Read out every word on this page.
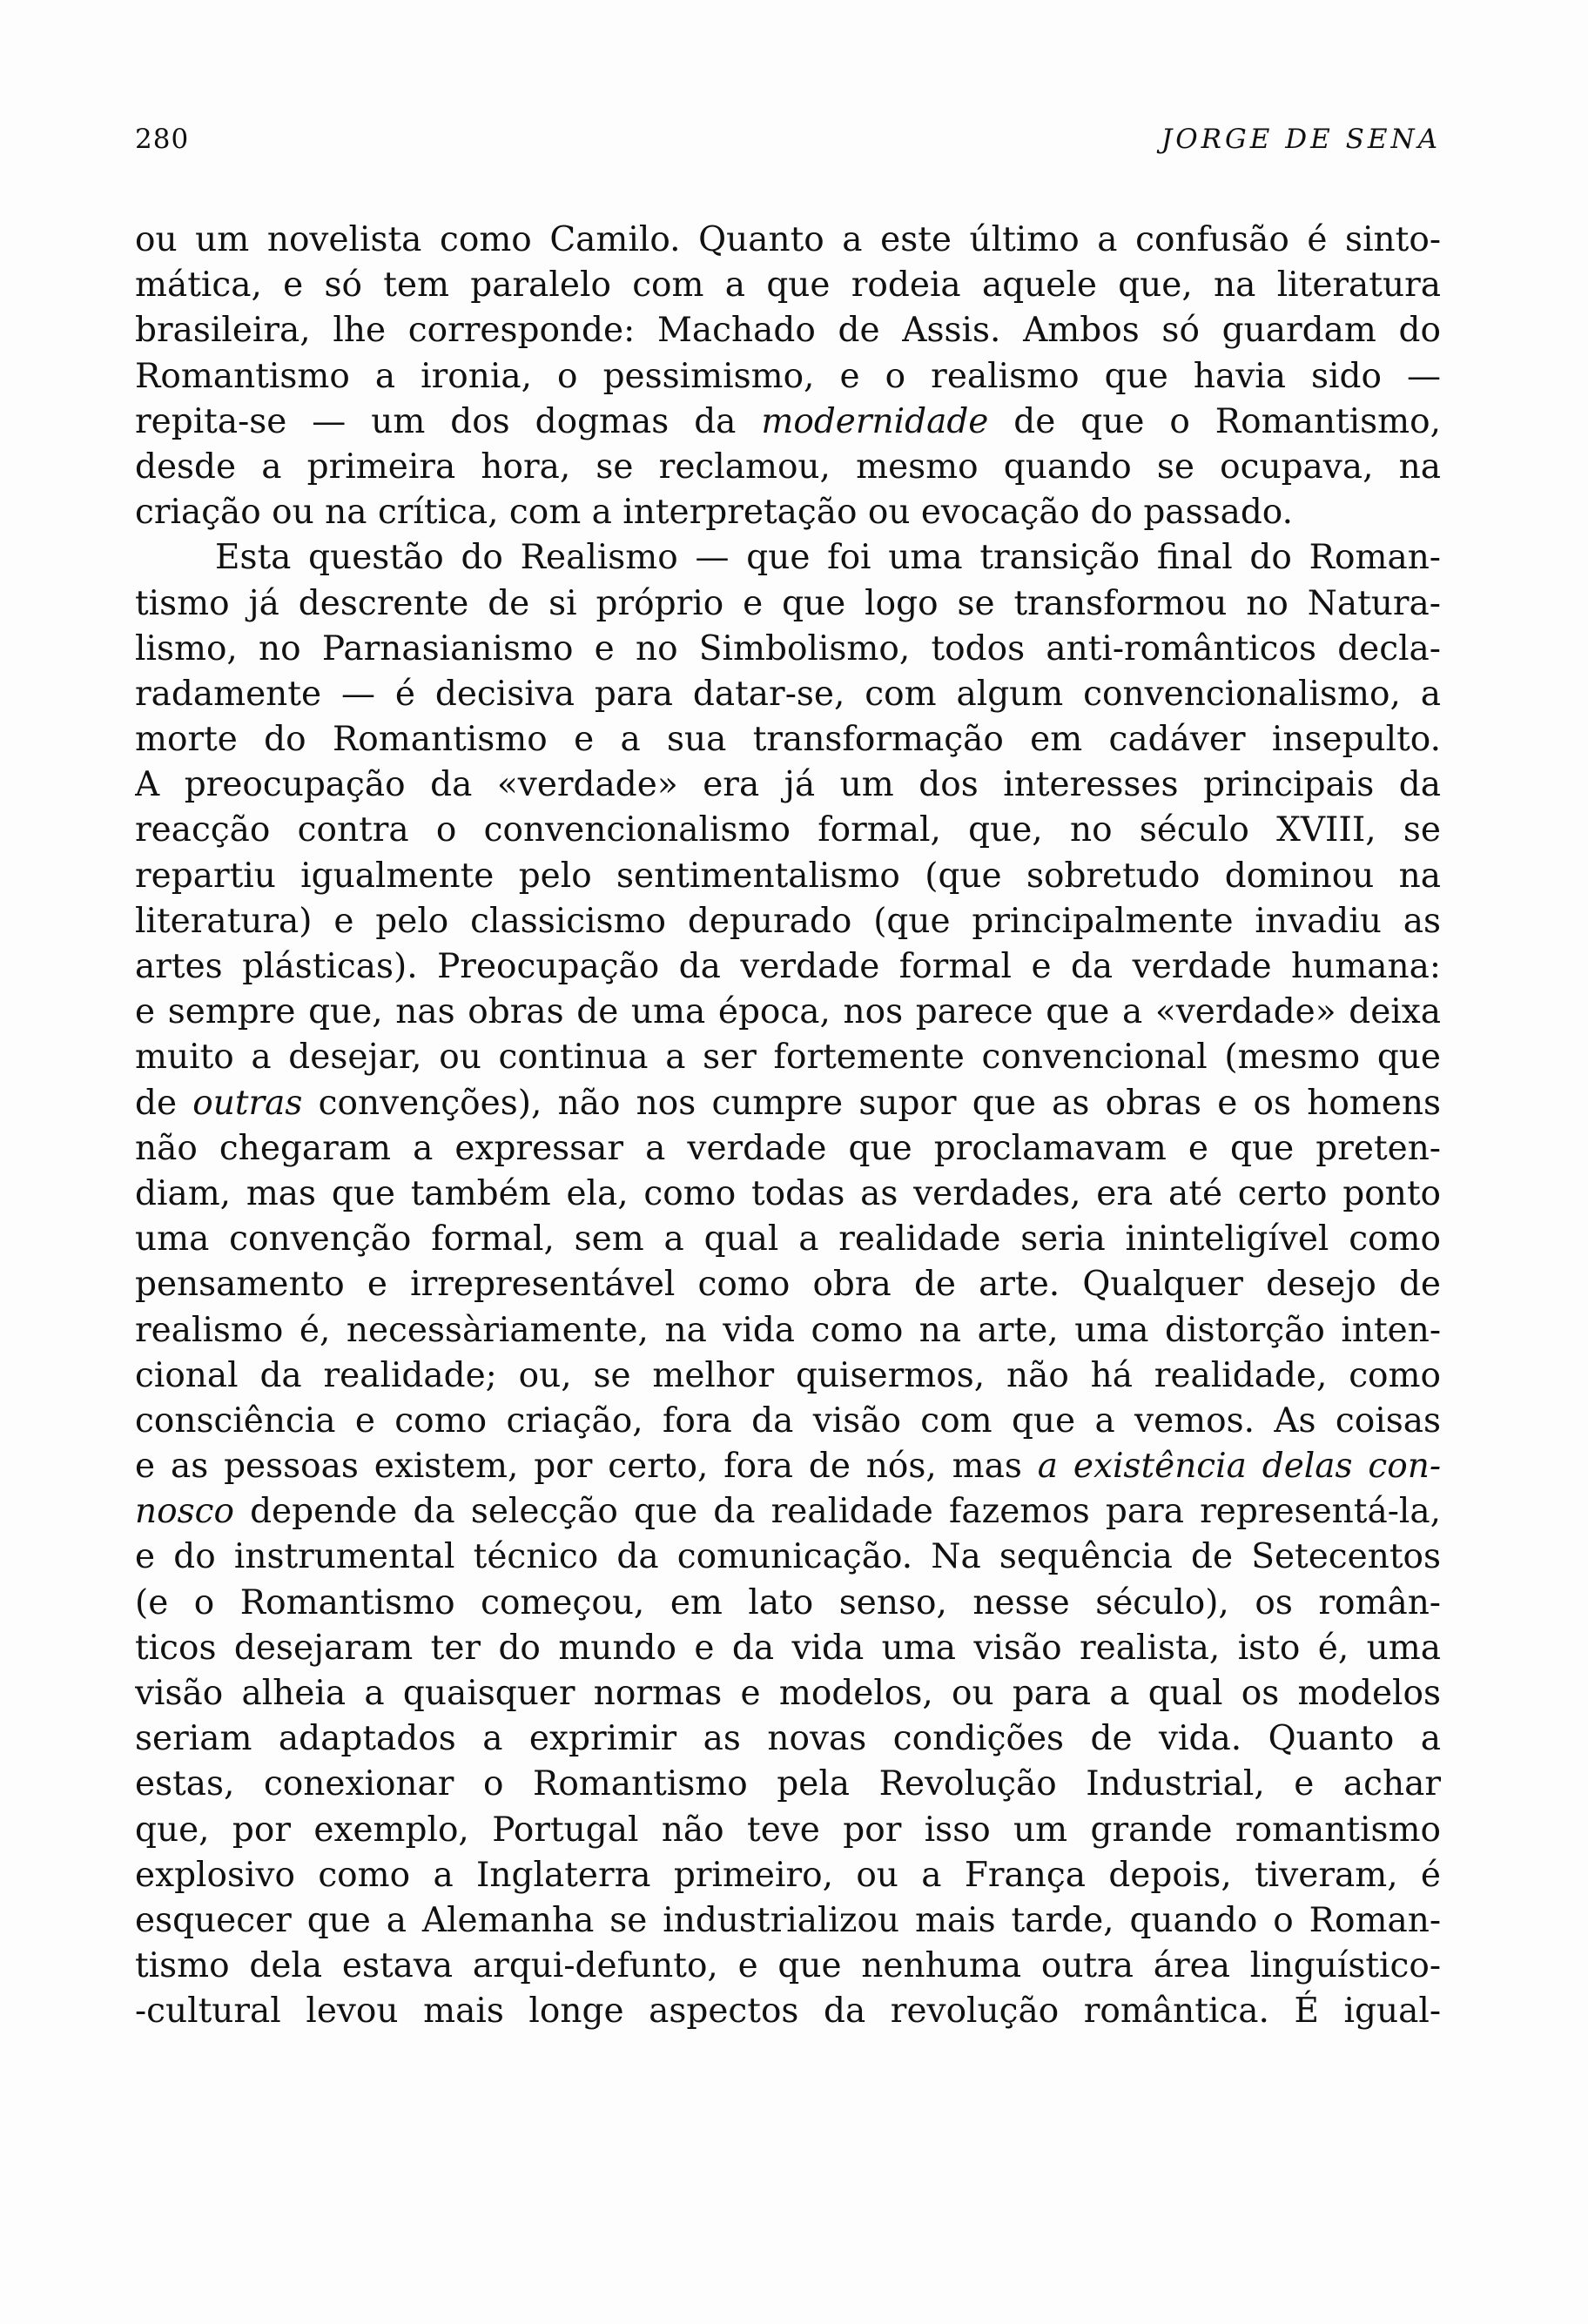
280	JORGE DE SENA
ou um novelista como Camilo. Quanto a este último a confusão é sinto-
mática, e só tem paralelo com a que rodeia aquele que, na literatura
brasileira, lhe corresponde: Machado de Assis. Ambos só guardam do
Romantismo a ironia, o pessimismo, e o realismo que havia sido —
repita-se — um dos dogmas da modernidade de que o Romantismo,
desde a primeira hora, se reclamou, mesmo quando se ocupava, na
criação ou na crítica, com a interpretação ou evocação do passado.
Esta questão do Realismo — que foi uma transição final do Roman-
tismo já descrente de si próprio e que logo se transformou no Natura-
lismo, no Parnasianismo e no Simbolismo, todos anti-românticos decla-
radamente — é decisiva para datar-se, com algum convencionalismo, a
morte do Romantismo e a sua transformação em cadáver insepulto.
A preocupação da «verdade» era já um dos interesses principais da
reacção contra o convencionalismo formal, que, no século XVIII, se
repartiu igualmente pelo sentimentalismo (que sobretudo dominou na
literatura) e pelo classicismo depurado (que principalmente invadiu as
artes plásticas). Preocupação da verdade formal e da verdade humana:
e sempre que, nas obras de uma época, nos parece que a «verdade» deixa
muito a desejar, ou continua a ser fortemente convencional (mesmo que
de outras convenções), não nos cumpre supor que as obras e os homens
não chegaram a expressar a verdade que proclamavam e que preten-
diam, mas que também ela, como todas as verdades, era até certo ponto
uma convenção formal, sem a qual a realidade seria ininteligível como
pensamento e irrepresentável como obra de arte. Qualquer desejo de
realismo é, necessàriamente, na vida como na arte, uma distorção inten-
cional da realidade; ou, se melhor quisermos, não há realidade, como
consciência e como criação, fora da visão com que a vemos. As coisas
e as pessoas existem, por certo, fora de nós, mas a existência delas con-
nosco depende da selecção que da realidade fazemos para representá-la,
e do instrumental técnico da comunicação. Na sequência de Setecentos
(e o Romantismo começou, em lato senso, nesse século), os român-
ticos desejaram ter do mundo e da vida uma visão realista, isto é, uma
visão alheia a quaisquer normas e modelos, ou para a qual os modelos
seriam adaptados a exprimir as novas condições de vida. Quanto a
estas, conexionar o Romantismo pela Revolução Industrial, e achar
que, por exemplo, Portugal não teve por isso um grande romantismo
explosivo como a Inglaterra primeiro, ou a França depois, tiveram, é
esquecer que a Alemanha se industrializou mais tarde, quando o Roman-
tismo dela estava arqui-defunto, e que nenhuma outra área linguístico-
-cultural levou mais longe aspectos da revolução romântica. É igual-
